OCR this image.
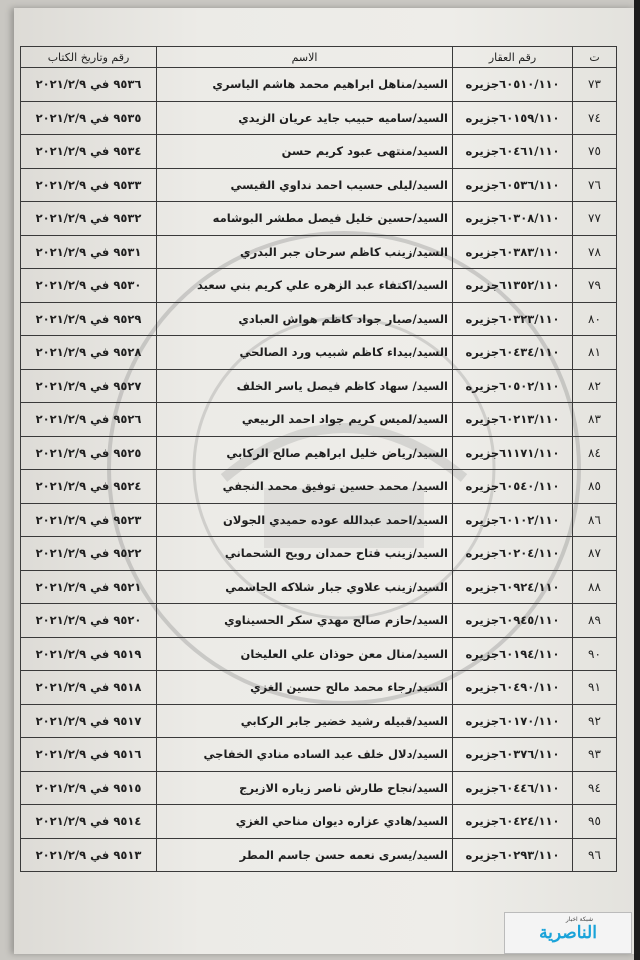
ت	رقم العقار	الاسم	رقم وتاريخ الكتاب
٧٣	٦٠٥١٠/١١٠جزيره	السيد/مناهل ابراهيم محمد هاشم الياسري	٩٥٣٦ في ٢٠٢١/٢/٩
٧٤	٦٠١٥٩/١١٠جزيره	السيد/ساميه حبيب جايد عريان الزيدي	٩٥٣٥ في ٢٠٢١/٢/٩
٧٥	٦٠٤٦١/١١٠جزيره	السيد/منتهى عبود كريم حسن	٩٥٣٤ في ٢٠٢١/٢/٩
٧٦	٦٠٥٣٦/١١٠جزيره	السيد/ليلى حسيب احمد نداوي القيسي	٩٥٣٣ في ٢٠٢١/٢/٩
٧٧	٦٠٣٠٨/١١٠جزيره	السيد/حسين خليل فيصل مطشر البوشامه	٩٥٣٢ في ٢٠٢١/٢/٩
٧٨	٦٠٣٨٣/١١٠جزيره	السيد/زينب كاظم سرحان جبر البدري	٩٥٣١ في ٢٠٢١/٢/٩
٧٩	٦١٣٥٢/١١٠جزيره	السيد/اكتفاء عبد الزهره علي كريم بني سعيد	٩٥٣٠ في ٢٠٢١/٢/٩
٨٠	٦٠٣٢٣/١١٠جزيره	السيد/صبار جواد كاظم هواش العبادي	٩٥٢٩ في ٢٠٢١/٢/٩
٨١	٦٠٤٣٤/١١٠جزيره	السيد/بيداء كاظم شبيب ورد الصالحي	٩٥٢٨ في ٢٠٢١/٢/٩
٨٢	٦٠٥٠٢/١١٠جزيره	السيد/ سهاد كاظم فيصل ياسر الخلف	٩٥٢٧ في ٢٠٢١/٢/٩
٨٣	٦٠٢١٣/١١٠جزيره	السيد/لميس كريم جواد احمد الربيعي	٩٥٢٦ في ٢٠٢١/٢/٩
٨٤	٦١١٧١/١١٠جزيره	السيد/رياض خليل ابراهيم صالح الركابي	٩٥٢٥ في ٢٠٢١/٢/٩
٨٥	٦٠٥٤٠/١١٠جزيره	السيد/ محمد حسين توفيق محمد النجفي	٩٥٢٤ في ٢٠٢١/٢/٩
٨٦	٦٠١٠٢/١١٠جزيره	السيد/احمد عبدالله عوده حميدي الجولان	٩٥٢٣ في ٢٠٢١/٢/٩
٨٧	٦٠٢٠٤/١١٠جزيره	السيد/زينب فتاح حمدان رويح الشحماني	٩٥٢٢ في ٢٠٢١/٢/٩
٨٨	٦٠٩٢٤/١١٠جزيره	السيد/زينب علاوي جبار شلاكه الجاسمي	٩٥٢١ في ٢٠٢١/٢/٩
٨٩	٦٠٩٤٥/١١٠جزيره	السيد/حازم صالح مهدي سكر الحسيناوي	٩٥٢٠ في ٢٠٢١/٢/٩
٩٠	٦٠١٩٤/١١٠جزيره	السيد/منال معن حوذان علي العليخان	٩٥١٩ في ٢٠٢١/٢/٩
٩١	٦٠٤٩٠/١١٠جزيره	السيد/رجاء محمد مالح حسين الغزي	٩٥١٨ في ٢٠٢١/٢/٩
٩٢	٦٠١٧٠/١١٠جزيره	السيد/قبيله رشيد خضير جابر الركابي	٩٥١٧ في ٢٠٢١/٢/٩
٩٣	٦٠٣٧٦/١١٠جزيره	السيد/دلال خلف عبد الساده منادي الخفاجي	٩٥١٦ في ٢٠٢١/٢/٩
٩٤	٦٠٤٤٦/١١٠جزيره	السيد/نجاح طارش ناصر زياره الازيرج	٩٥١٥ في ٢٠٢١/٢/٩
٩٥	٦٠٤٢٤/١١٠جزيره	السيد/هادي عزاره ديوان مناحي الغزي	٩٥١٤ في ٢٠٢١/٢/٩
٩٦	٦٠٢٩٣/١١٠جزيره	السيد/يسرى نعمه حسن جاسم المطر	٩٥١٣ في ٢٠٢١/٢/٩
شبكة اخبار
الناصرية
